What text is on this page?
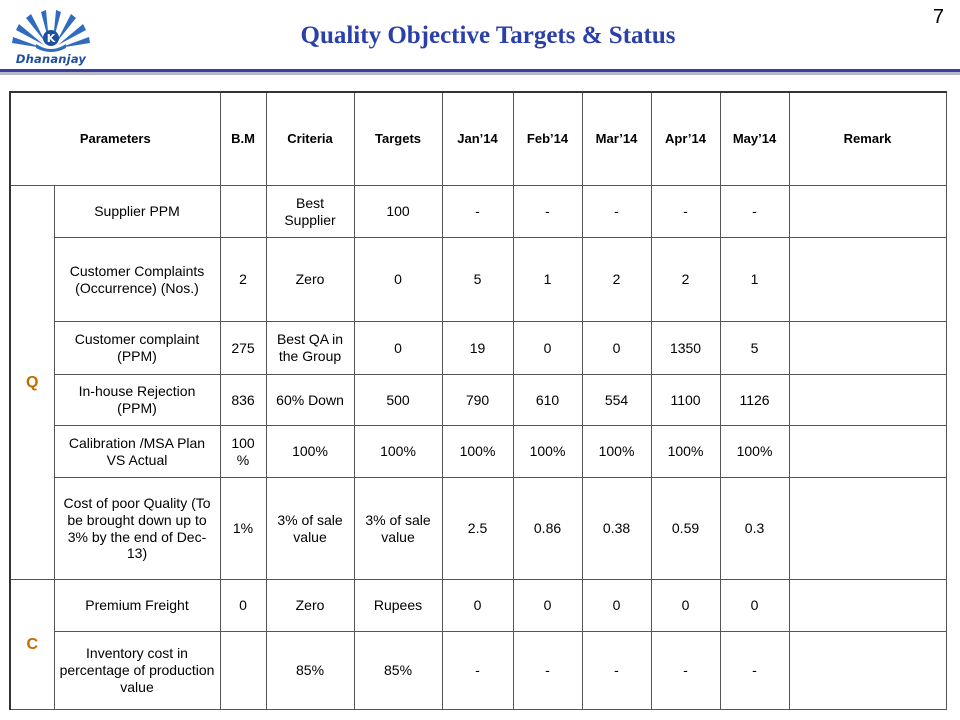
K
Dhananjay
Quality Objective Targets & Status
7
Parameters		B.M	Criteria	Targets	Jan’14	Feb’14	Mar’14	Apr’14	May’14	Remark
Q	Supplier PPM		Best Supplier	100	-	-	-	-	-	
	Customer Complaints (Occurrence) (Nos.)	2	Zero	0	5	1	2	2	1	
	Customer complaint (PPM)	275	Best QA in the Group	0	19	0	0	1350	5	
	In-house Rejection (PPM)	836	60% Down	500	790	610	554	1100	1126	
	Calibration /MSA Plan VS Actual	100 %	100%	100%	100%	100%	100%	100%	100%	
	Cost of poor Quality (To be brought down up to 3% by the end of Dec-13)	1%	3% of sale value	3% of sale value	2.5	0.86	0.38	0.59	0.3	
C	Premium Freight	0	Zero	Rupees	0	0	0	0	0	
	Inventory cost in percentage of production value		85%	85%	-	-	-	-	-	
